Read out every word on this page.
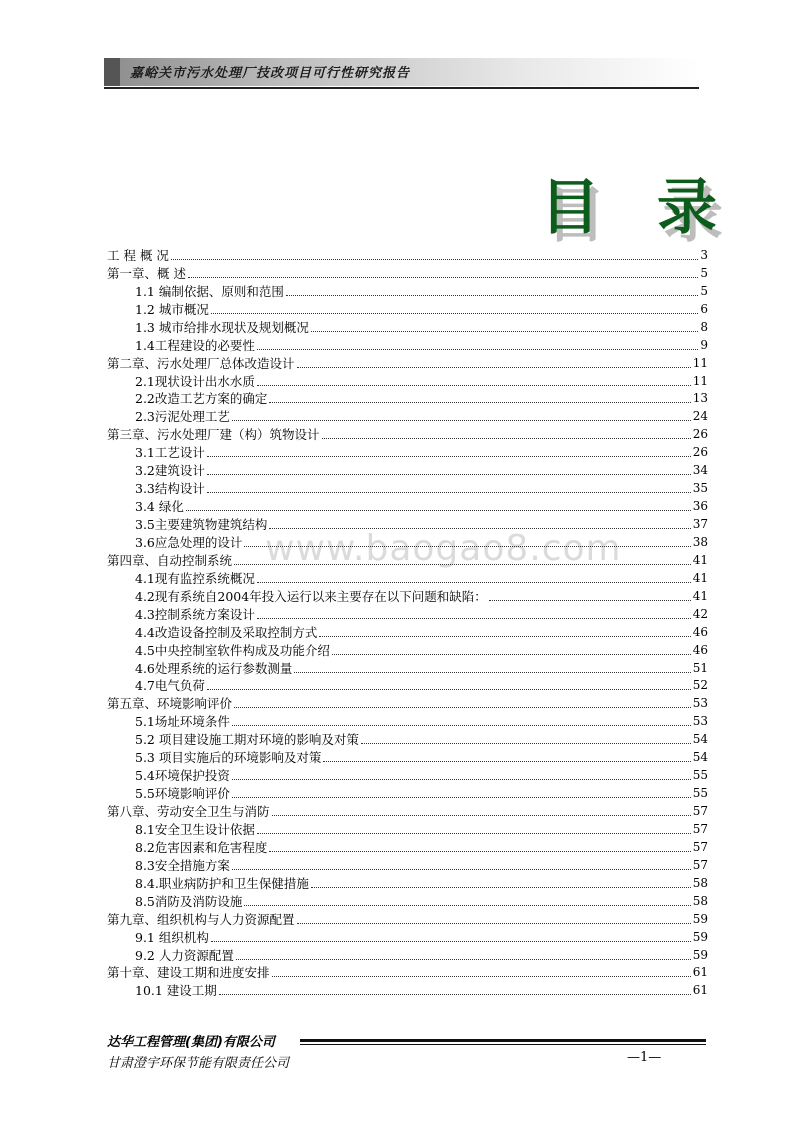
嘉峪关市污水处理厂技改项目可行性研究报告
目 录
www.baogao8.com
工 程 概 况	3
第一章、概 述	5
1.1 编制依据、原则和范围	5
1.2 城市概况	6
1.3 城市给排水现状及规划概况	8
1.4工程建设的必要性	9
第二章、污水处理厂总体改造设计	11
2.1现状设计出水水质	11
2.2改造工艺方案的确定	13
2.3污泥处理工艺	24
第三章、污水处理厂建（构）筑物设计	26
3.1工艺设计	26
3.2建筑设计	34
3.3结构设计	35
3.4 绿化	36
3.5主要建筑物建筑结构	37
3.6应急处理的设计	38
第四章、自动控制系统	41
4.1现有监控系统概况	41
4.2现有系统自2004年投入运行以来主要存在以下问题和缺陷：	41
4.3控制系统方案设计	42
4.4改造设备控制及采取控制方式	46
4.5中央控制室软件构成及功能介绍	46
4.6处理系统的运行参数测量	51
4.7电气负荷	52
第五章、环境影响评价	53
5.1场址环境条件	53
5.2 项目建设施工期对环境的影响及对策	54
5.3 项目实施后的环境影响及对策	54
5.4环境保护投资	55
5.5环境影响评价	55
第八章、劳动安全卫生与消防	57
8.1安全卫生设计依据	57
8.2危害因素和危害程度	57
8.3安全措施方案	57
8.4.职业病防护和卫生保健措施	58
8.5消防及消防设施	58
第九章、组织机构与人力资源配置	59
9.1 组织机构	59
9.2 人力资源配置	59
第十章、建设工期和进度安排	61
10.1 建设工期	61
达华工程管理(集团)有限公司
甘肃澄宇环保节能有限责任公司	—1—
